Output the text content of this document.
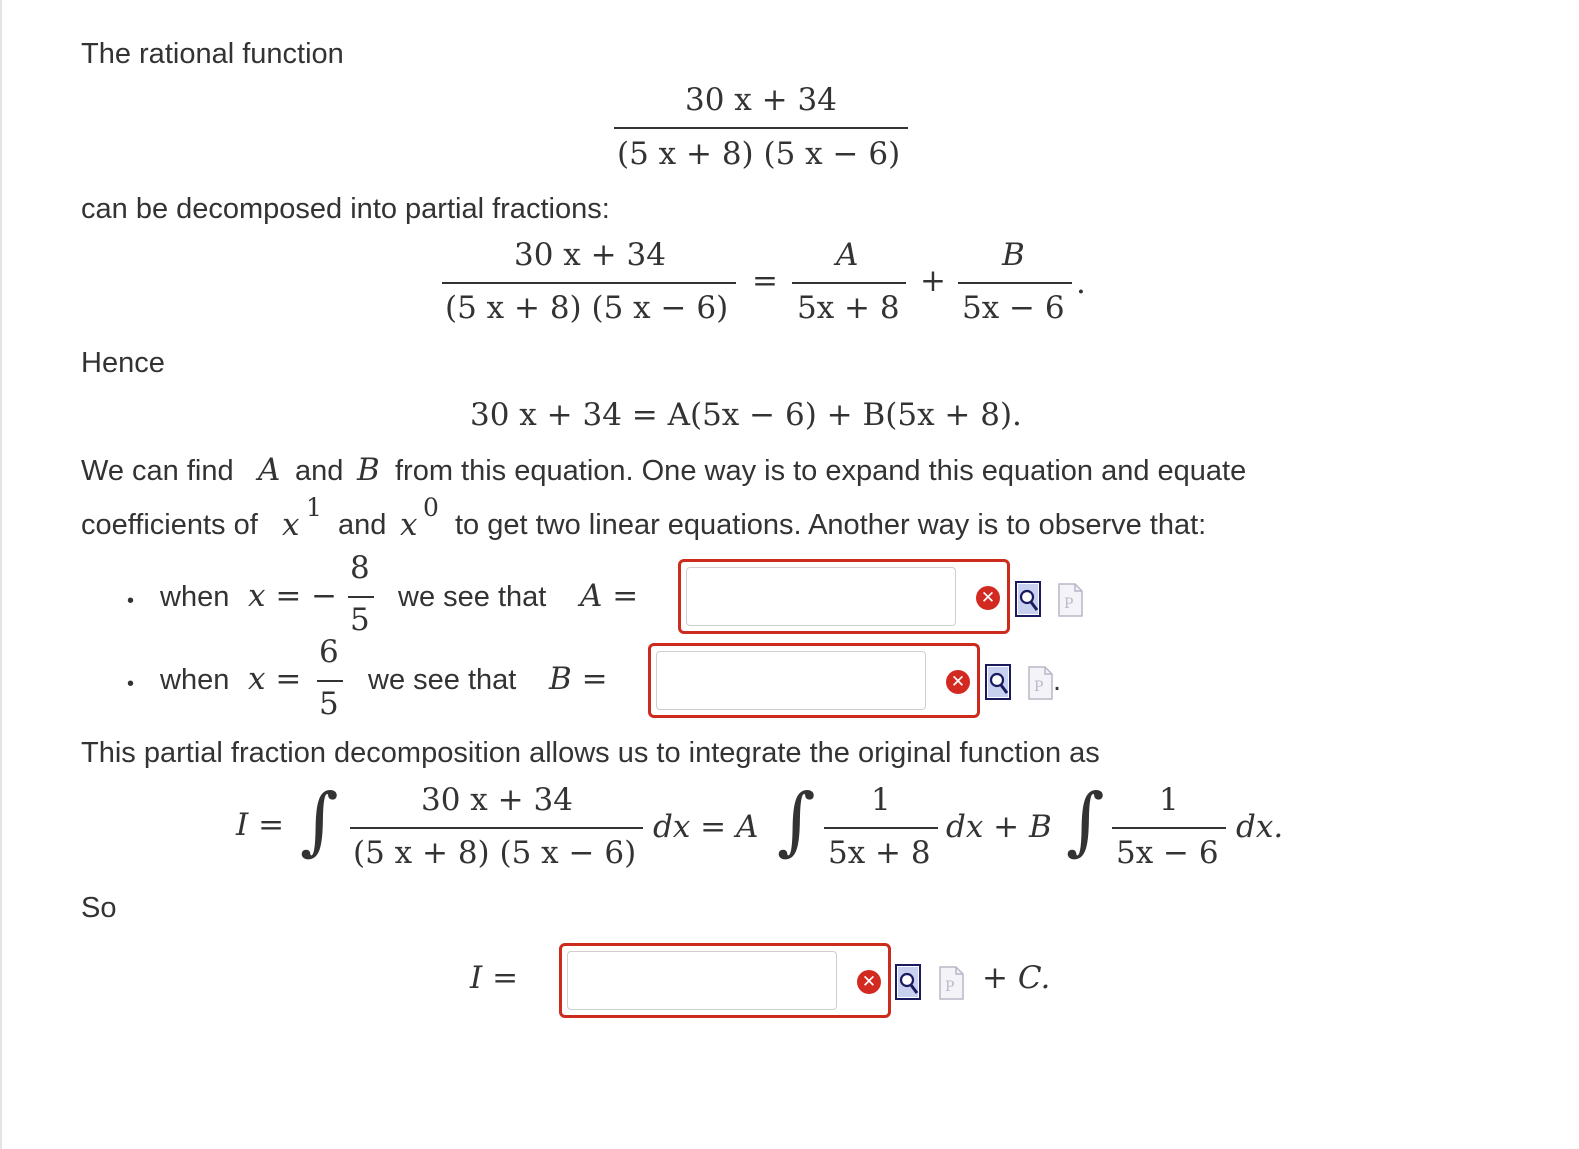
The rational function
30 x + 34
(5 x + 8) (5 x − 6)
can be decomposed into partial fractions:
30 x + 34
(5 x + 8) (5 x − 6)
=
A
5x + 8
+
B
5x − 6
.
Hence
30 x + 34 = A(5x − 6) + B(5x + 8).
We can find A and B from this equation. One way is to expand this equation and equate
coefficients of x 1
and x 0
to get two linear equations. Another way is to observe that:
• when x = −
8
5
we see that A =	✕	P
• when x =
6
5
we see that B =	✕	P .
This partial fraction decomposition allows us to integrate the original function as
I = ∫	30 x + 34
(5 x + 8) (5 x − 6)
dx = A ∫ 1
5x + 8
dx + B ∫ 1
5x − 6
dx.
So
I =	✕	P + C.
